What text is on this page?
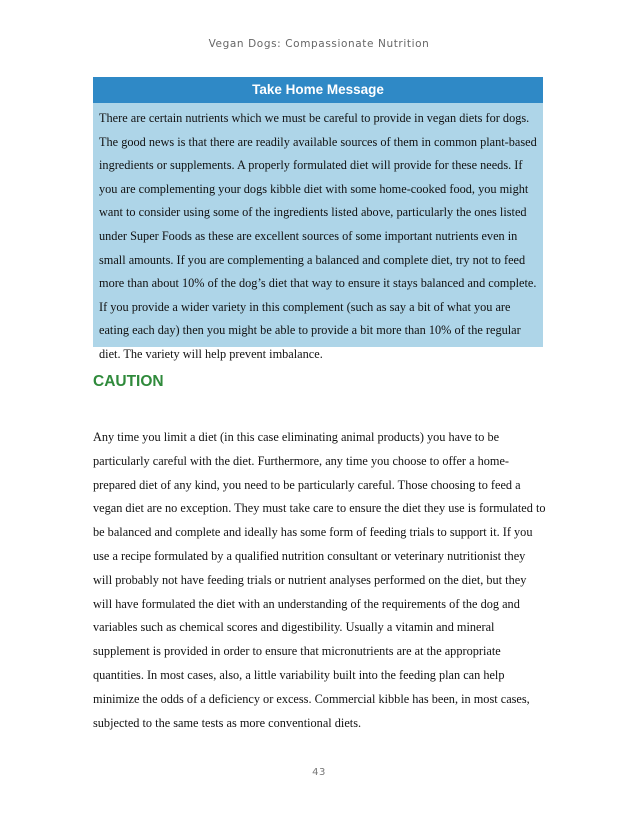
Vegan Dogs: Compassionate Nutrition
Take Home Message

There are certain nutrients which we must be careful to provide in vegan diets for dogs. The good news is that there are readily available sources of them in common plant-based ingredients or supplements. A properly formulated diet will provide for these needs. If you are complementing your dogs kibble diet with some home-cooked food, you might want to consider using some of the ingredients listed above, particularly the ones listed under Super Foods as these are excellent sources of some important nutrients even in small amounts. If you are complementing a balanced and complete diet, try not to feed more than about 10% of the dog’s diet that way to ensure it stays balanced and complete. If you provide a wider variety in this complement (such as say a bit of what you are eating each day) then you might be able to provide a bit more than 10% of the regular diet. The variety will help prevent imbalance.

CAUTION

Any time you limit a diet (in this case eliminating animal products) you have to be particularly careful with the diet. Furthermore, any time you choose to offer a home-prepared diet of any kind, you need to be particularly careful. Those choosing to feed a vegan diet are no exception. They must take care to ensure the diet they use is formulated to be balanced and complete and ideally has some form of feeding trials to support it. If you use a recipe formulated by a qualified nutrition consultant or veterinary nutritionist they will probably not have feeding trials or nutrient analyses performed on the diet, but they will have formulated the diet with an understanding of the requirements of the dog and variables such as chemical scores and digestibility. Usually a vitamin and mineral supplement is provided in order to ensure that micronutrients are at the appropriate quantities. In most cases, also, a little variability built into the feeding plan can help minimize the odds of a deficiency or excess. Commercial kibble has been, in most cases, subjected to the same tests as more conventional diets.

43
